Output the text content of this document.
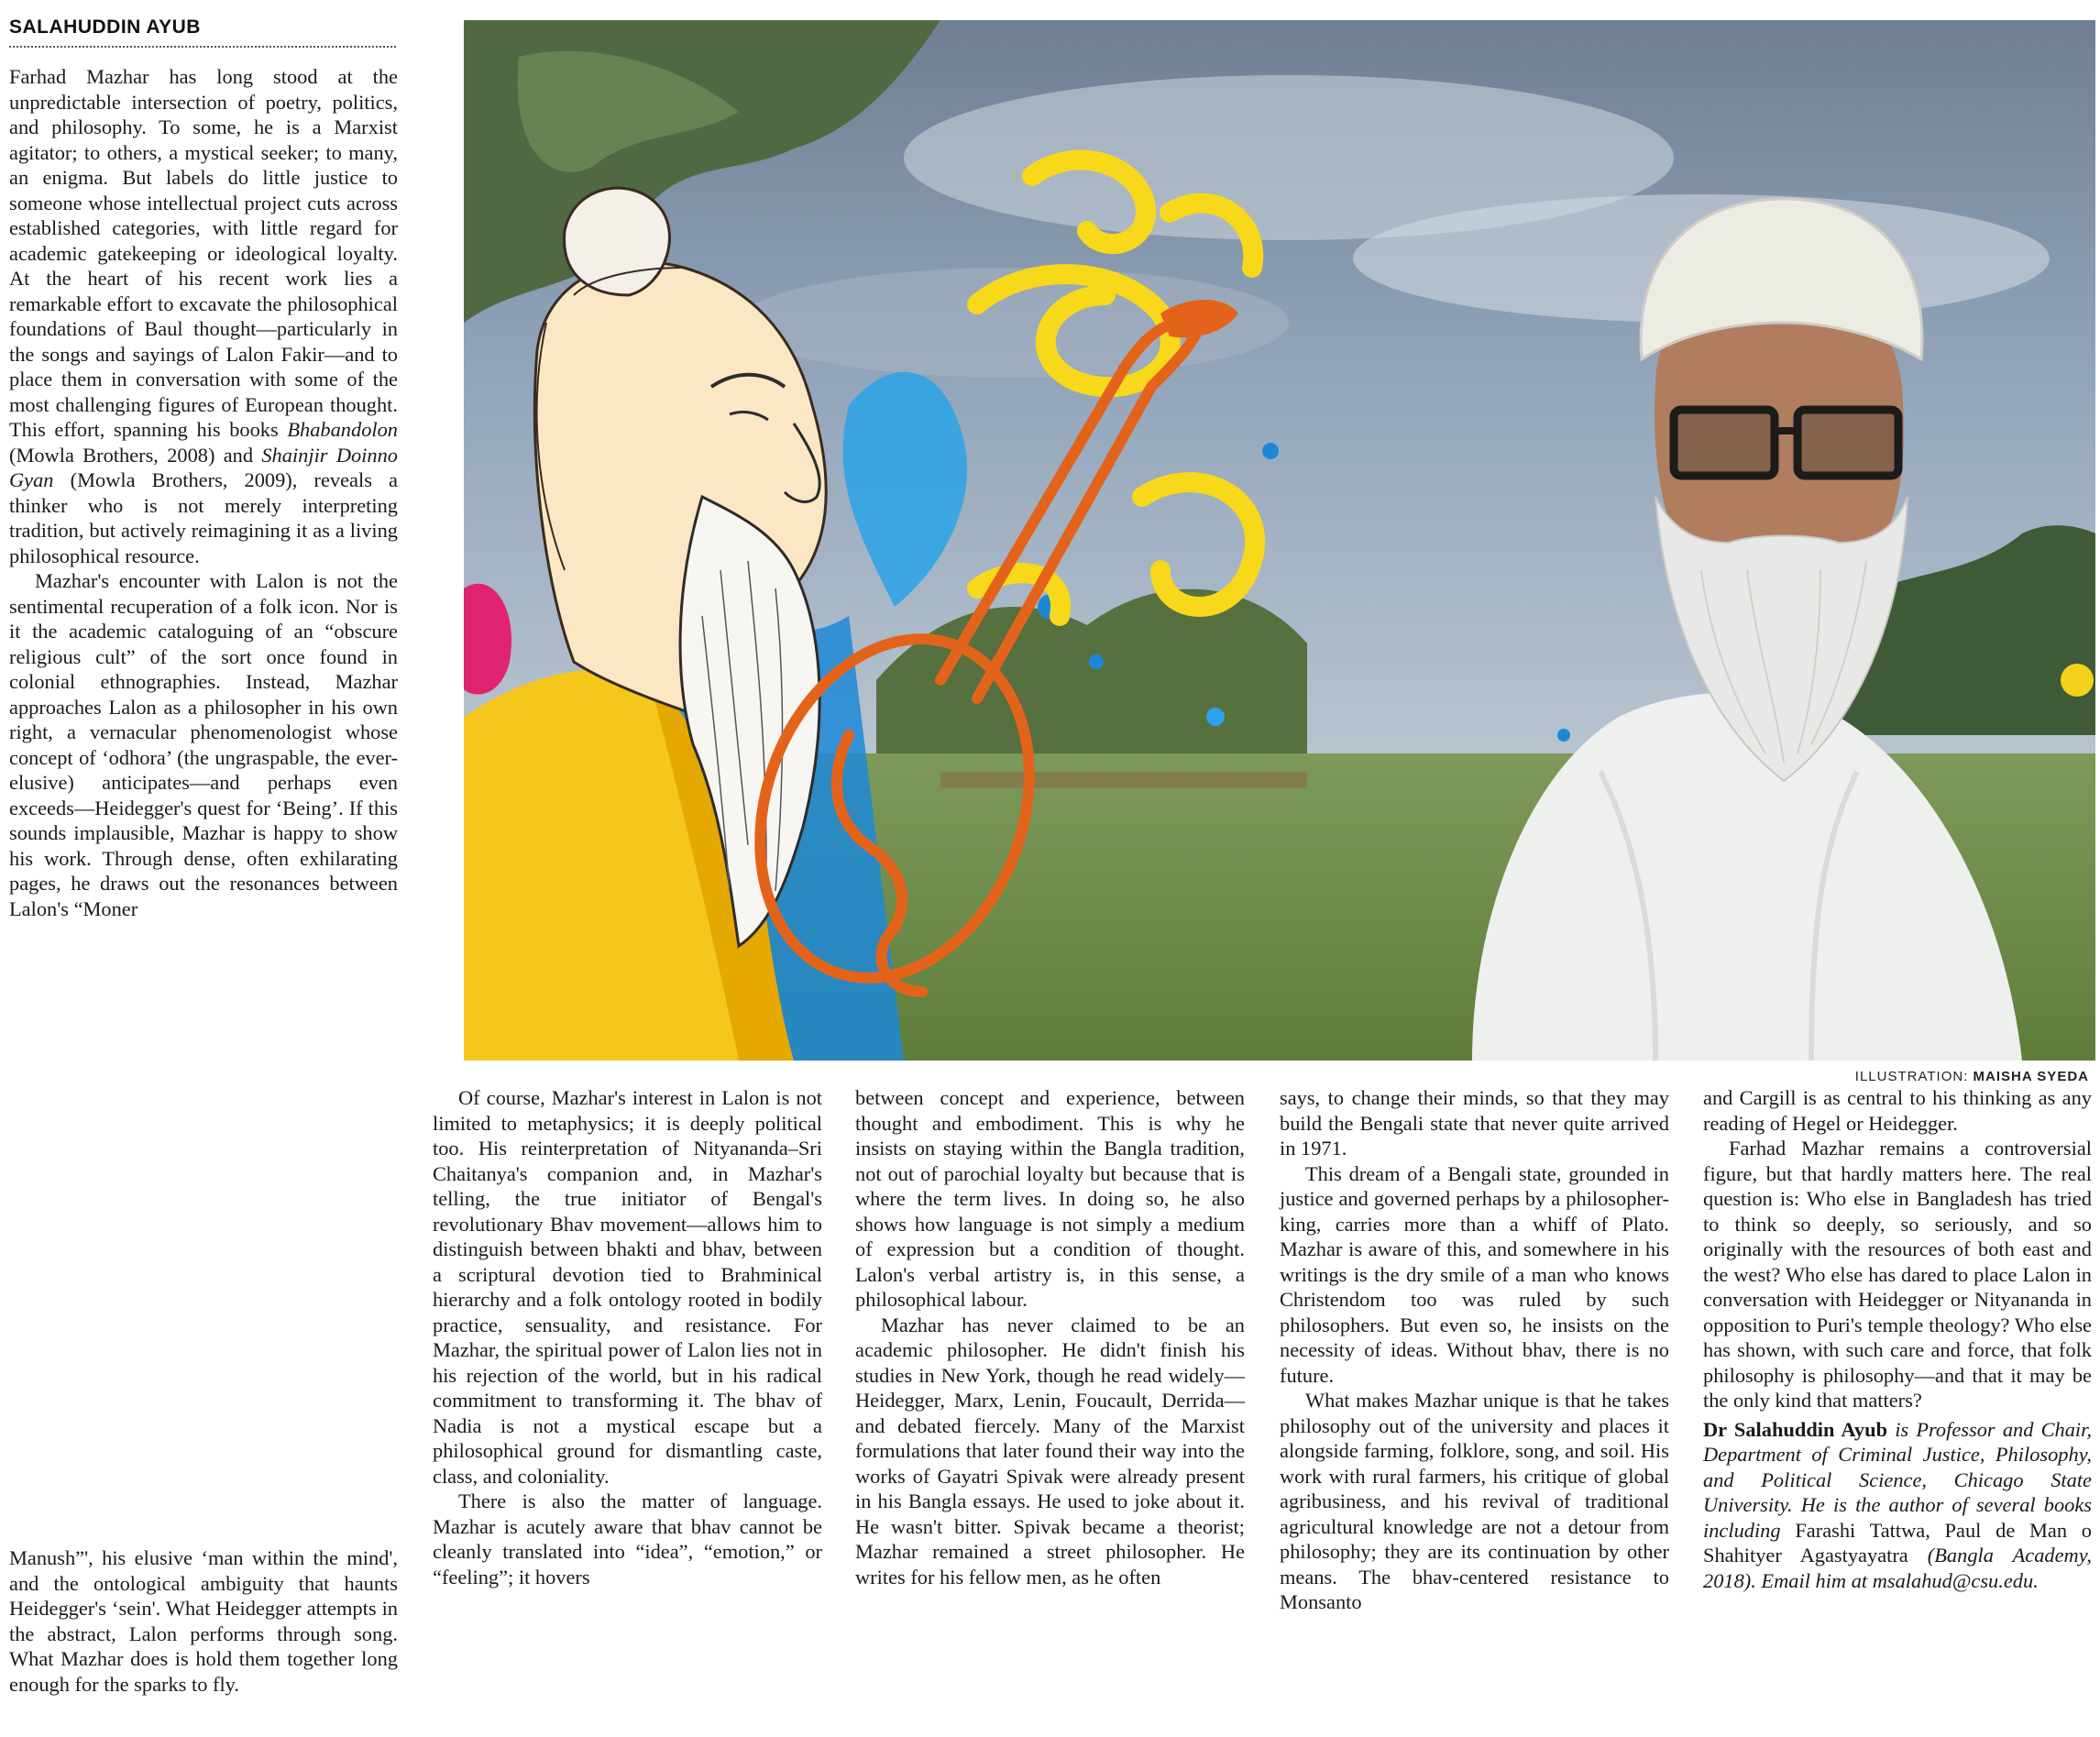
SALAHUDDIN AYUB

Farhad Mazhar has long stood at the unpredictable intersection of poetry, politics, and philosophy. To some, he is a Marxist agitator; to others, a mystical seeker; to many, an enigma. But labels do little justice to someone whose intellectual project cuts across established categories, with little regard for academic gatekeeping or ideological loyalty. At the heart of his recent work lies a remarkable effort to excavate the philosophical foundations of Baul thought—particularly in the songs and sayings of Lalon Fakir—and to place them in conversation with some of the most challenging figures of European thought. This effort, spanning his books Bhabandolon (Mowla Brothers, 2008) and Shainjir Doinno Gyan (Mowla Brothers, 2009), reveals a thinker who is not merely interpreting tradition, but actively reimagining it as a living philosophical resource.

Mazhar's encounter with Lalon is not the sentimental recuperation of a folk icon. Nor is it the academic cataloguing of an “obscure religious cult” of the sort once found in colonial ethnographies. Instead, Mazhar approaches Lalon as a philosopher in his own right, a vernacular phenomenologist whose concept of ‘odhora’ (the ungraspable, the ever-elusive) anticipates—and perhaps even exceeds—Heidegger's quest for ‘Being’. If this sounds implausible, Mazhar is happy to show his work. Through dense, often exhilarating pages, he draws out the resonances between Lalon's “Moner

Manush”', his elusive ‘man within the mind', and the ontological ambiguity that haunts Heidegger's ‘sein'. What Heidegger attempts in the abstract, Lalon performs through song. What Mazhar does is hold them together long enough for the sparks to fly.

ILLUSTRATION: MAISHA SYEDA

Of course, Mazhar's interest in Lalon is not limited to metaphysics; it is deeply political too. His reinterpretation of Nityananda–Sri Chaitanya's companion and, in Mazhar's telling, the true initiator of Bengal's revolutionary Bhav movement—allows him to distinguish between bhakti and bhav, between a scriptural devotion tied to Brahminical hierarchy and a folk ontology rooted in bodily practice, sensuality, and resistance. For Mazhar, the spiritual power of Lalon lies not in his rejection of the world, but in his radical commitment to transforming it. The bhav of Nadia is not a mystical escape but a philosophical ground for dismantling caste, class, and coloniality.

There is also the matter of language. Mazhar is acutely aware that bhav cannot be cleanly translated into “idea”, “emotion,” or “feeling”; it hovers

between concept and experience, between thought and embodiment. This is why he insists on staying within the Bangla tradition, not out of parochial loyalty but because that is where the term lives. In doing so, he also shows how language is not simply a medium of expression but a condition of thought. Lalon's verbal artistry is, in this sense, a philosophical labour.

Mazhar has never claimed to be an academic philosopher. He didn't finish his studies in New York, though he read widely—Heidegger, Marx, Lenin, Foucault, Derrida—and debated fiercely. Many of the Marxist formulations that later found their way into the works of Gayatri Spivak were already present in his Bangla essays. He used to joke about it. He wasn't bitter. Spivak became a theorist; Mazhar remained a street philosopher. He writes for his fellow men, as he often

says, to change their minds, so that they may build the Bengali state that never quite arrived in 1971.

This dream of a Bengali state, grounded in justice and governed perhaps by a philosopher-king, carries more than a whiff of Plato. Mazhar is aware of this, and somewhere in his writings is the dry smile of a man who knows Christendom too was ruled by such philosophers. But even so, he insists on the necessity of ideas. Without bhav, there is no future.

What makes Mazhar unique is that he takes philosophy out of the university and places it alongside farming, folklore, song, and soil. His work with rural farmers, his critique of global agribusiness, and his revival of traditional agricultural knowledge are not a detour from philosophy; they are its continuation by other means. The bhav-centered resistance to Monsanto

and Cargill is as central to his thinking as any reading of Hegel or Heidegger.

Farhad Mazhar remains a controversial figure, but that hardly matters here. The real question is: Who else in Bangladesh has tried to think so deeply, so seriously, and so originally with the resources of both east and the west? Who else has dared to place Lalon in conversation with Heidegger or Nityananda in opposition to Puri's temple theology? Who else has shown, with such care and force, that folk philosophy is philosophy—and that it may be the only kind that matters?

Dr Salahuddin Ayub is Professor and Chair, Department of Criminal Justice, Philosophy, and Political Science, Chicago State University. He is the author of several books including Farashi Tattwa, Paul de Man o Shahityer Agastyayatra (Bangla Academy, 2018). Email him at msalahud@csu.edu.
